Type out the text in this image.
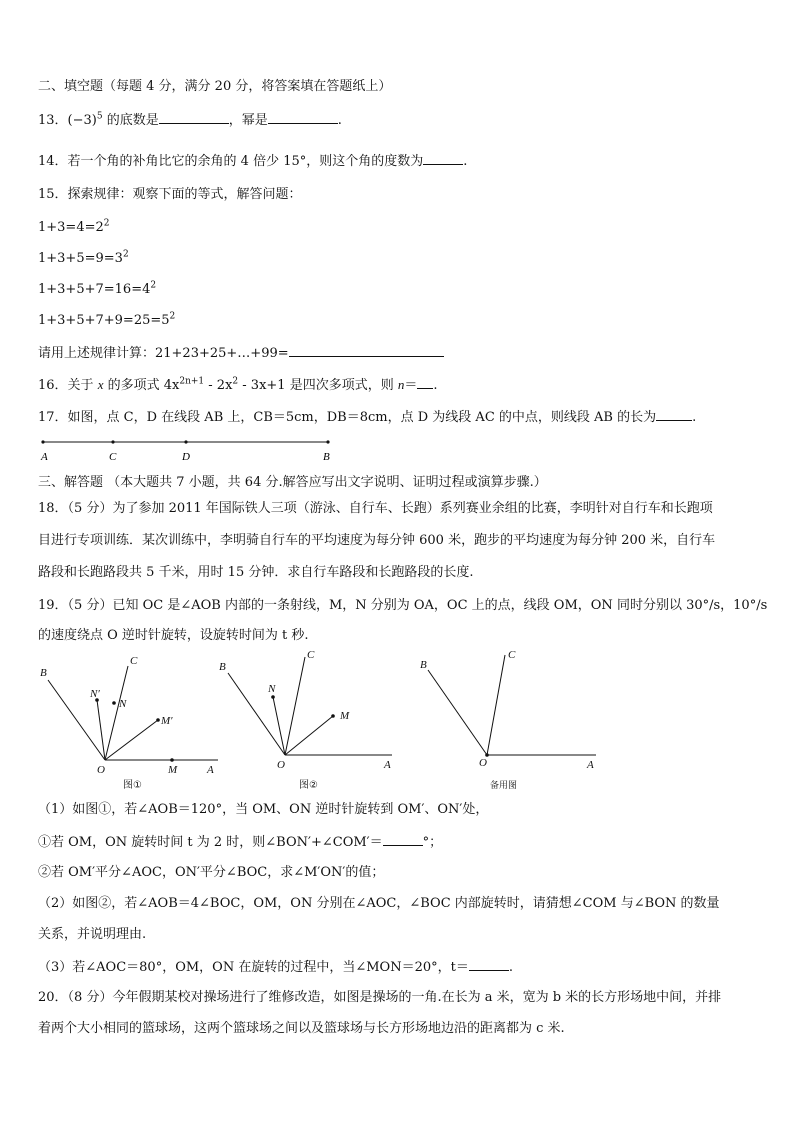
二、填空题（每题 4 分，满分 20 分，将答案填在答题纸上）
13．$(-3)^5$ 的底数是	，幂是	.
14．若一个角的补角比它的余角的 4 倍少 15°，则这个角的度数为	.
15．探索规律：观察下面的等式，解答问题：
$1+3=4=2^2$
$1+3+5=9=3^2$
$1+3+5+7=16=4^2$
$1+3+5+7+9=25=5^2$
请用上述规律计算：21+23+25+…+99=
16．关于 x 的多项式 $4x^{2n+1} - 2x^2 - 3x+1$ 是四次多项式，则 n＝ .
17．如图，点 C，D 在线段 AB 上，CB＝5cm，DB＝8cm，点 D 为线段 AC 的中点，则线段 AB 的长为	.
A	C	D	B
三、解答题 （本大题共 7 小题，共 64 分.解答应写出文字说明、证明过程或演算步骤.）
18．（5 分）为了参加 2011 年国际铁人三项（游泳、自行车、长跑）系列赛业余组的比赛，李明针对自行车和长跑项
目进行专项训练．某次训练中，李明骑自行车的平均速度为每分钟 600 米，跑步的平均速度为每分钟 200 米，自行车
路段和长跑路段共 5 千米，用时 15 分钟．求自行车路段和长跑路段的长度.
19．（5 分）已知 OC 是∠AOB 内部的一条射线，M，N 分别为 OA，OC 上的点，线段 OM，ON 同时分别以 30°/s，10°/s
的速度绕点 O 逆时针旋转，设旋转时间为 t 秒.
B
C
N′
N
M′
O	M	A
图①
B
C
N
M
O	A
图②
B
C
O	A
备用图
（1）如图①，若∠AOB＝120°，当 OM、ON 逆时针旋转到 OM′、ON′处，
①若 OM，ON 旋转时间 t 为 2 时，则∠BON′+∠COM′＝	°；
②若 OM′平分∠AOC，ON′平分∠BOC，求∠M′ON′的值；
（2）如图②，若∠AOB＝4∠BOC，OM，ON 分别在∠AOC，∠BOC 内部旋转时，请猜想∠COM 与∠BON 的数量
关系，并说明理由.
（3）若∠AOC＝80°，OM，ON 在旋转的过程中，当∠MON＝20°，t＝	.
20．（8 分）今年假期某校对操场进行了维修改造，如图是操场的一角.在长为 a 米，宽为 b 米的长方形场地中间，并排
着两个大小相同的篮球场，这两个篮球场之间以及篮球场与长方形场地边沿的距离都为 c 米.
